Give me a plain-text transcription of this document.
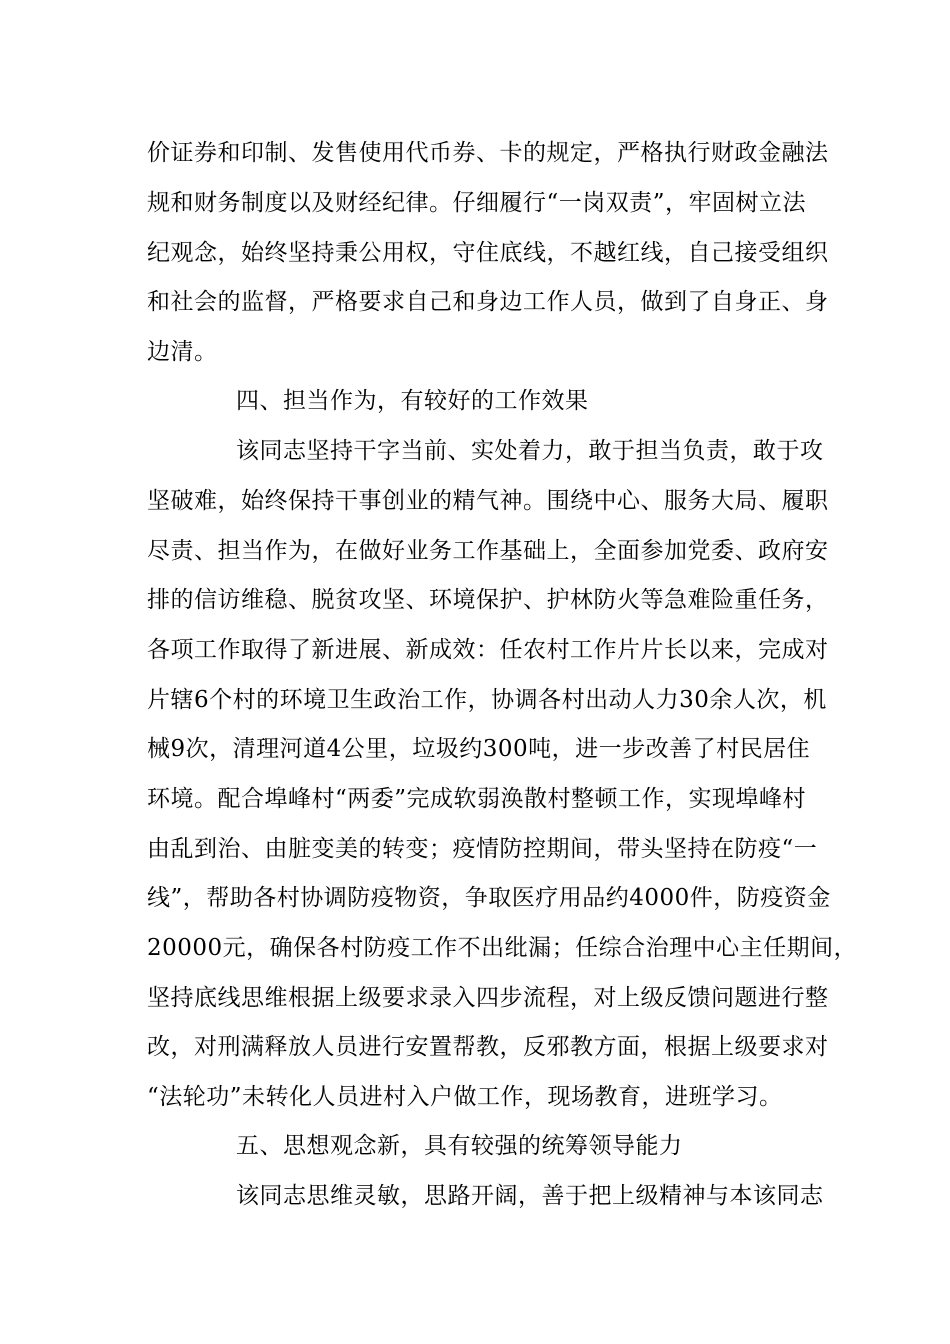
价证券和印制、发售使用代币券、卡的规定，严格执行财政金融法
规和财务制度以及财经纪律。仔细履行“一岗双责”，牢固树立法
纪观念，始终坚持秉公用权，守住底线，不越红线，自己接受组织
和社会的监督，严格要求自己和身边工作人员，做到了自身正、身
边清。
四、担当作为，有较好的工作效果
该同志坚持干字当前、实处着力，敢于担当负责，敢于攻
坚破难，始终保持干事创业的精气神。围绕中心、服务大局、履职
尽责、担当作为，在做好业务工作基础上，全面参加党委、政府安
排的信访维稳、脱贫攻坚、环境保护、护林防火等急难险重任务，
各项工作取得了新进展、新成效：任农村工作片片长以来，完成对
片辖6个村的环境卫生政治工作，协调各村出动人力30余人次，机
械9次，清理河道4公里，垃圾约300吨，进一步改善了村民居住
环境。配合埠峰村“两委”完成软弱涣散村整顿工作，实现埠峰村
由乱到治、由脏变美的转变；疫情防控期间，带头坚持在防疫“一
线”，帮助各村协调防疫物资，争取医疗用品约4000件，防疫资金
20000元，确保各村防疫工作不出纰漏；任综合治理中心主任期间，
坚持底线思维根据上级要求录入四步流程，对上级反馈问题进行整
改，对刑满释放人员进行安置帮教，反邪教方面，根据上级要求对
“法轮功”未转化人员进村入户做工作，现场教育，进班学习。
五、思想观念新，具有较强的统筹领导能力
该同志思维灵敏，思路开阔，善于把上级精神与本该同志
